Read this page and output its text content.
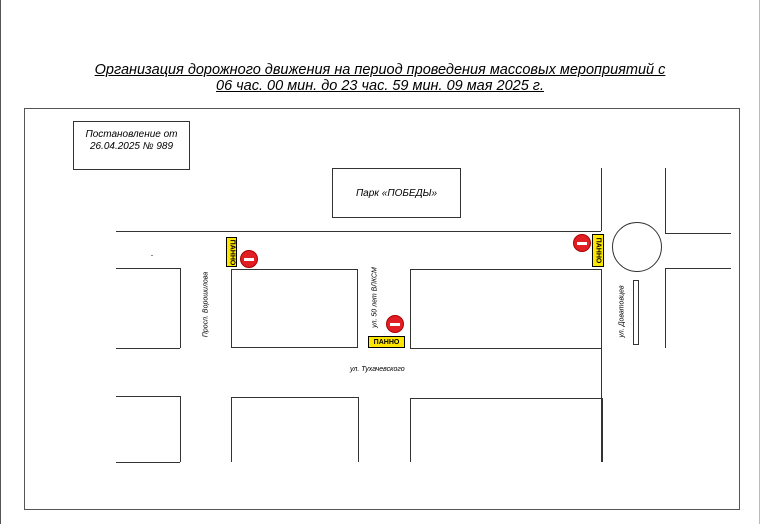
Организация дорожного движения на период проведения массовых мероприятий с
06 час. 00 мин. до 23 час. 59 мин. 09 мая 2025 г.
Постановление от
26.04.2025 № 989
Парк «ПОБЕДЫ»
Просп. Ворошилова	ул. 50 лет ВЛКСМ
ул. Тухачевского
ул. Доватовцев
ПАННО
ПАННО
ПАННО
